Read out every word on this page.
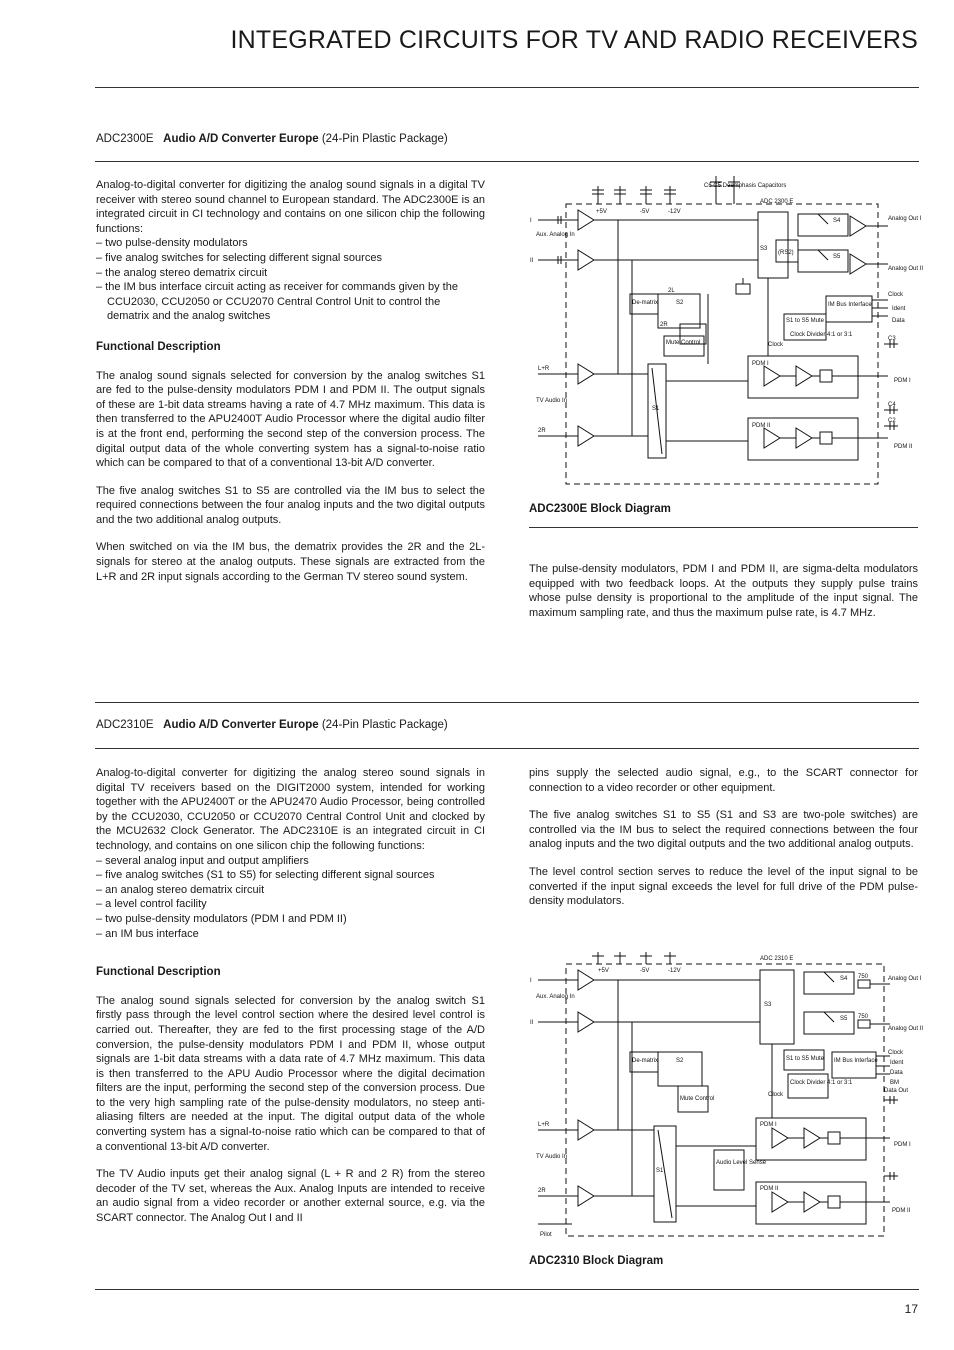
INTEGRATED CIRCUITS FOR TV AND RADIO RECEIVERS
ADC2300E Audio A/D Converter Europe (24-Pin Plastic Package)

Analog-to-digital converter for digitizing the analog sound signals in a digital TV receiver with stereo sound channel to European standard. The ADC2300E is an integrated circuit in CI technology and contains on one silicon chip the following functions:

– two pulse-density modulators
– five analog switches for selecting different signal sources
– the analog stereo dematrix circuit
– the IM bus interface circuit acting as receiver for commands given by the CCU2030, CCU2050 or CCU2070 Central Control Unit to control the dematrix and the analog switches
Functional Description

The analog sound signals selected for conversion by the analog switches S1 are fed to the pulse-density modulators PDM I and PDM II. The output signals of these are 1-bit data streams having a rate of 4.7 MHz maximum. This data is then transferred to the APU2400T Audio Processor where the digital audio filter is at the front end, performing the second step of the conversion process. The digital output data of the whole converting system has a signal-to-noise ratio which can be compared to that of a conventional 13-bit A/D converter.

The five analog switches S1 to S5 are controlled via the IM bus to select the required connections between the four analog inputs and the two digital outputs and the two additional analog outputs.

When switched on via the IM bus, the dematrix provides the 2R and the 2L-signals for stereo at the analog outputs. These signals are extracted from the L+R and 2R input signals according to the German TV stereo sound system.

C6 C5 Deemphasis Capacitors
ADC 2300 E
+5V	-5V	-12V
I
II
Aux. Analog In
TV Audio In
L+R
2R
S3
S4
S5
(RS2)
De-matrix	S2
Mute Control
2L
2R
S1 to S5 Mute
IM Bus Interface
Clock Divider 4:1 or 3:1
Clock
S1
PDM I
PDM II
Analog Out I
Analog Out II
Clock
Ident
Data
C3
PDM I
C4
C2
PDM II
ADC2300E Block Diagram

The pulse-density modulators, PDM I and PDM II, are sigma-delta modulators equipped with two feedback loops. At the outputs they supply pulse trains whose pulse density is proportional to the amplitude of the input signal. The maximum sampling rate, and thus the maximum pulse rate, is 4.7 MHz.

ADC2310E Audio A/D Converter Europe (24-Pin Plastic Package)

Analog-to-digital converter for digitizing the analog stereo sound signals in digital TV receivers based on the DIGIT2000 system, intended for working together with the APU2400T or the APU2470 Audio Processor, being controlled by the CCU2030, CCU2050 or CCU2070 Central Control Unit and clocked by the MCU2632 Clock Generator. The ADC2310E is an integrated circuit in CI technology, and contains on one silicon chip the following functions:

– several analog input and output amplifiers
– five analog switches (S1 to S5) for selecting different signal sources
– an analog stereo dematrix circuit
– a level control facility
– two pulse-density modulators (PDM I and PDM II)
– an IM bus interface
Functional Description

The analog sound signals selected for conversion by the analog switch S1 firstly pass through the level control section where the desired level control is carried out. Thereafter, they are fed to the first processing stage of the A/D conversion, the pulse-density modulators PDM I and PDM II, whose output signals are 1-bit data streams with a data rate of 4.7 MHz maximum. This data is then transferred to the APU Audio Processor where the digital decimation filters are the input, performing the second step of the conversion process. Due to the very high sampling rate of the pulse-density modulators, no steep anti-aliasing filters are needed at the input. The digital output data of the whole converting system has a signal-to-noise ratio which can be compared to that of a conventional 13-bit A/D converter.

The TV Audio inputs get their analog signal (L + R and 2 R) from the stereo decoder of the TV set, whereas the Aux. Analog Inputs are intended to receive an audio signal from a video recorder or another external source, e.g. via the SCART connector. The Analog Out I and II

pins supply the selected audio signal, e.g., to the SCART connector for connection to a video recorder or other equipment.

The five analog switches S1 to S5 (S1 and S3 are two-pole switches) are controlled via the IM bus to select the required connections between the four analog inputs and the two digital outputs and the two additional analog outputs.

The level control section serves to reduce the level of the input signal to be converted if the input signal exceeds the level for full drive of the PDM pulse-density modulators.

ADC 2310 E
+5V	-5V	-12V
I
II
Aux. Analog In
TV Audio In
L+R
2R
Pilot
S3
S4
S5
750
750
De-matrix	S2
Mute Control
S1 to S5 Mute IM Bus Interface
Clock Divider 4:1 or 3:1
Clock
S1
Audio Level Sense
PDM I
PDM II
Analog Out I
Analog Out II
Clock
Ident
Data
BM
Data Out
PDM I
PDM II
ADC2310 Block Diagram
17
